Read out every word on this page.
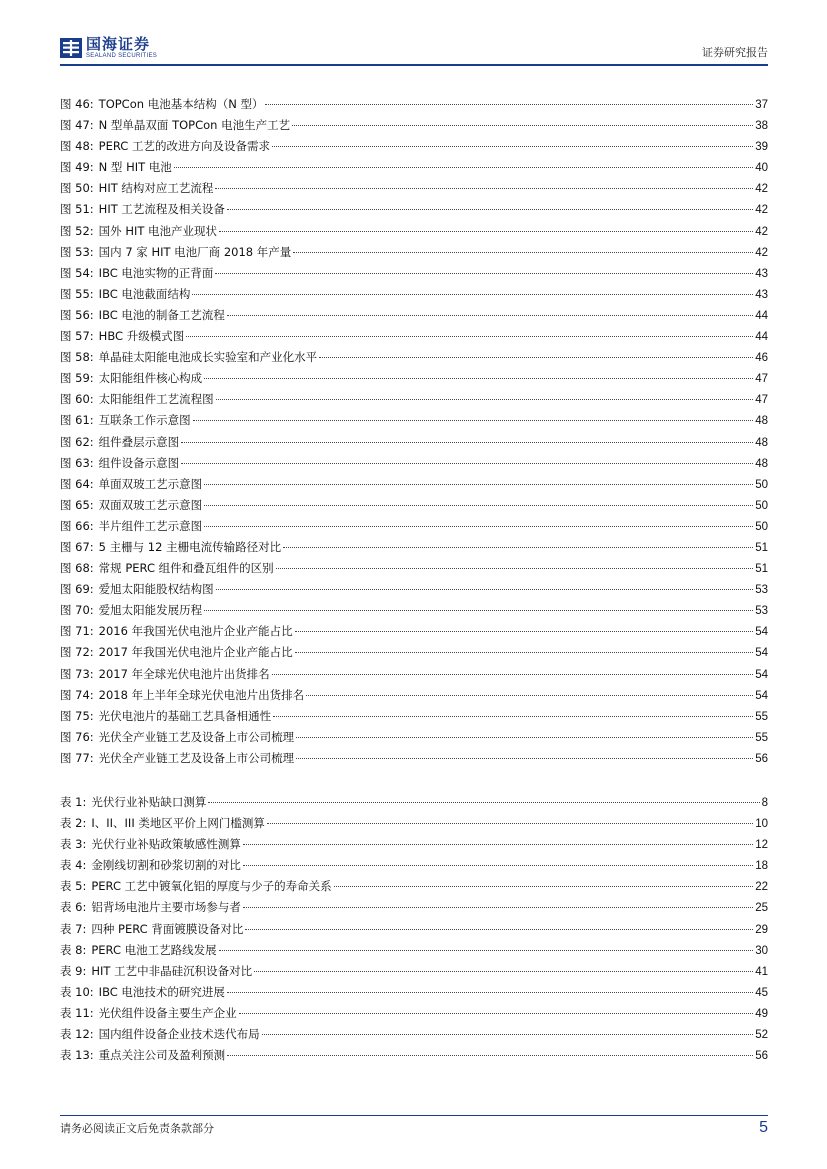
国海证券
SEALAND SECURITIES	证券研究报告
图 46: TOPCon 电池基本结构（N 型）	37
图 47: N 型单晶双面 TOPCon 电池生产工艺	38
图 48: PERC 工艺的改进方向及设备需求	39
图 49: N 型 HIT 电池	40
图 50: HIT 结构对应工艺流程	42
图 51: HIT 工艺流程及相关设备	42
图 52: 国外 HIT 电池产业现状	42
图 53: 国内 7 家 HIT 电池厂商 2018 年产量	42
图 54: IBC 电池实物的正背面	43
图 55: IBC 电池截面结构	43
图 56: IBC 电池的制备工艺流程	44
图 57: HBC 升级模式图	44
图 58: 单晶硅太阳能电池成长实验室和产业化水平	46
图 59: 太阳能组件核心构成	47
图 60: 太阳能组件工艺流程图	47
图 61: 互联条工作示意图	48
图 62: 组件叠层示意图	48
图 63: 组件设备示意图	48
图 64: 单面双玻工艺示意图	50
图 65: 双面双玻工艺示意图	50
图 66: 半片组件工艺示意图	50
图 67: 5 主栅与 12 主栅电流传输路径对比	51
图 68: 常规 PERC 组件和叠瓦组件的区别	51
图 69: 爱旭太阳能股权结构图	53
图 70: 爱旭太阳能发展历程	53
图 71: 2016 年我国光伏电池片企业产能占比	54
图 72: 2017 年我国光伏电池片企业产能占比	54
图 73: 2017 年全球光伏电池片出货排名	54
图 74: 2018 年上半年全球光伏电池片出货排名	54
图 75: 光伏电池片的基础工艺具备相通性	55
图 76: 光伏全产业链工艺及设备上市公司梳理	55
图 77: 光伏全产业链工艺及设备上市公司梳理	56
表 1: 光伏行业补贴缺口测算	8
表 2: I、II、III 类地区平价上网门槛测算	10
表 3: 光伏行业补贴政策敏感性测算	12
表 4: 金刚线切割和砂浆切割的对比	18
表 5: PERC 工艺中镀氧化铝的厚度与少子的寿命关系	22
表 6: 铝背场电池片主要市场参与者	25
表 7: 四种 PERC 背面镀膜设备对比	29
表 8: PERC 电池工艺路线发展	30
表 9: HIT 工艺中非晶硅沉积设备对比	41
表 10: IBC 电池技术的研究进展	45
表 11: 光伏组件设备主要生产企业	49
表 12: 国内组件设备企业技术迭代布局	52
表 13: 重点关注公司及盈利预测	56
请务必阅读正文后免责条款部分	5
